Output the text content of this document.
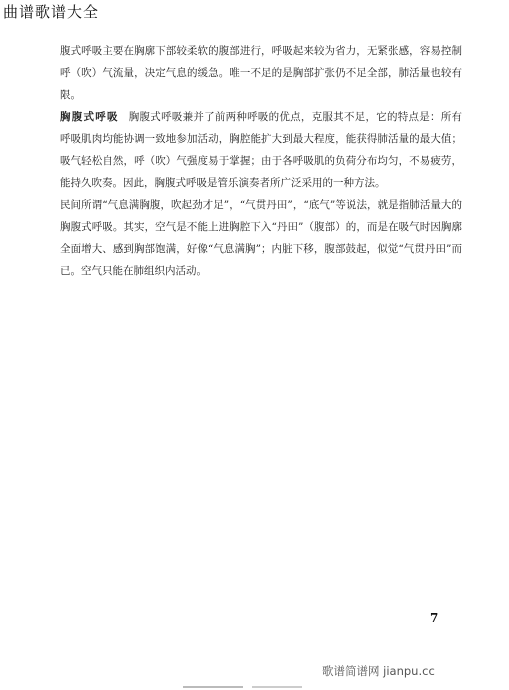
曲谱歌谱大全

腹式呼吸主要在胸廓下部较柔软的腹部进行，呼吸起来较为省力，无紧张感，容易控制呼（吹）气流量，决定气息的缓急。唯一不足的是胸部扩张仍不足全部，肺活量也较有限。

胸腹式呼吸 胸腹式呼吸兼并了前两种呼吸的优点，克服其不足，它的特点是：所有呼吸肌肉均能协调一致地参加活动，胸腔能扩大到最大程度，能获得肺活量的最大值；吸气轻松自然，呼（吹）气强度易于掌握；由于各呼吸肌的负荷分布均匀，不易疲劳，能持久吹奏。因此，胸腹式呼吸是管乐演奏者所广泛采用的一种方法。

民间所谓“气息满胸腹，吹起劲才足”，“气贯丹田”，“底气”等说法，就是指肺活量大的胸腹式呼吸。其实，空气是不能上进胸腔下入“丹田”（腹部）的，而是在吸气时因胸廓全面增大、感到胸部饱满，好像“气息满胸”；内脏下移，腹部鼓起，似觉“气贯丹田”而已。空气只能在肺组织内活动。

7
歌谱简谱网 jianpu.cc
